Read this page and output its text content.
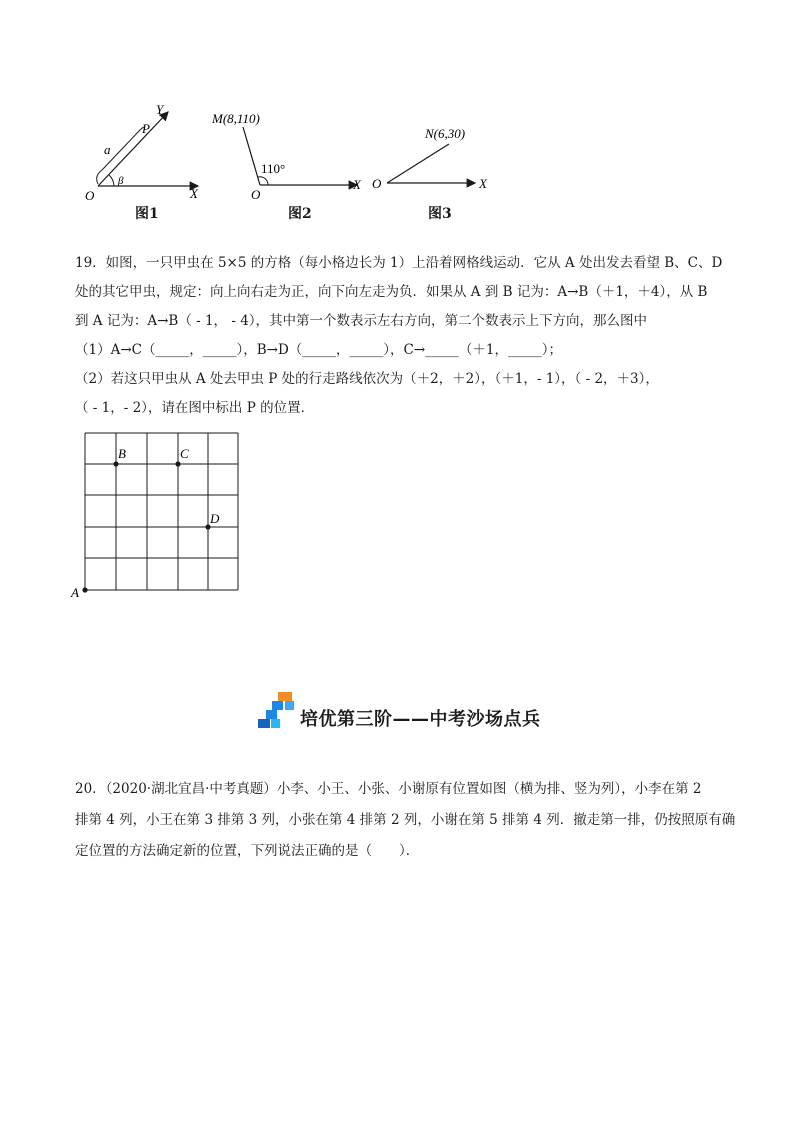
O	X
Y
P
a
β
图1
M(8,110)
110°
O
X
图2
N(6,30)
O	X
图3
19．如图，一只甲虫在 5×5 的方格（每小格边长为 1）上沿着网格线运动．它从 A 处出发去看望 B、C、D
处的其它甲虫，规定：向上向右走为正，向下向左走为负．如果从 A 到 B 记为：A→B（＋1，＋4），从 B
到 A 记为：A→B（ - 1， - 4），其中第一个数表示左右方向，第二个数表示上下方向，那么图中
（1）A→C（_____，_____），B→D（_____，_____），C→_____（＋1，_____）；
（2）若这只甲虫从 A 处去甲虫 P 处的行走路线依次为（＋2，＋2），（＋1，- 1），（ - 2，＋3），
（ - 1，- 2），请在图中标出 P 的位置．
A
B	C
D
培优第三阶——中考沙场点兵
20．（2020·湖北宜昌·中考真题）小李、小王、小张、小谢原有位置如图（横为排、竖为列），小李在第 2
排第 4 列，小王在第 3 排第 3 列，小张在第 4 排第 2 列，小谢在第 5 排第 4 列．撤走第一排，仍按照原有确
定位置的方法确定新的位置，下列说法正确的是（　　）．
